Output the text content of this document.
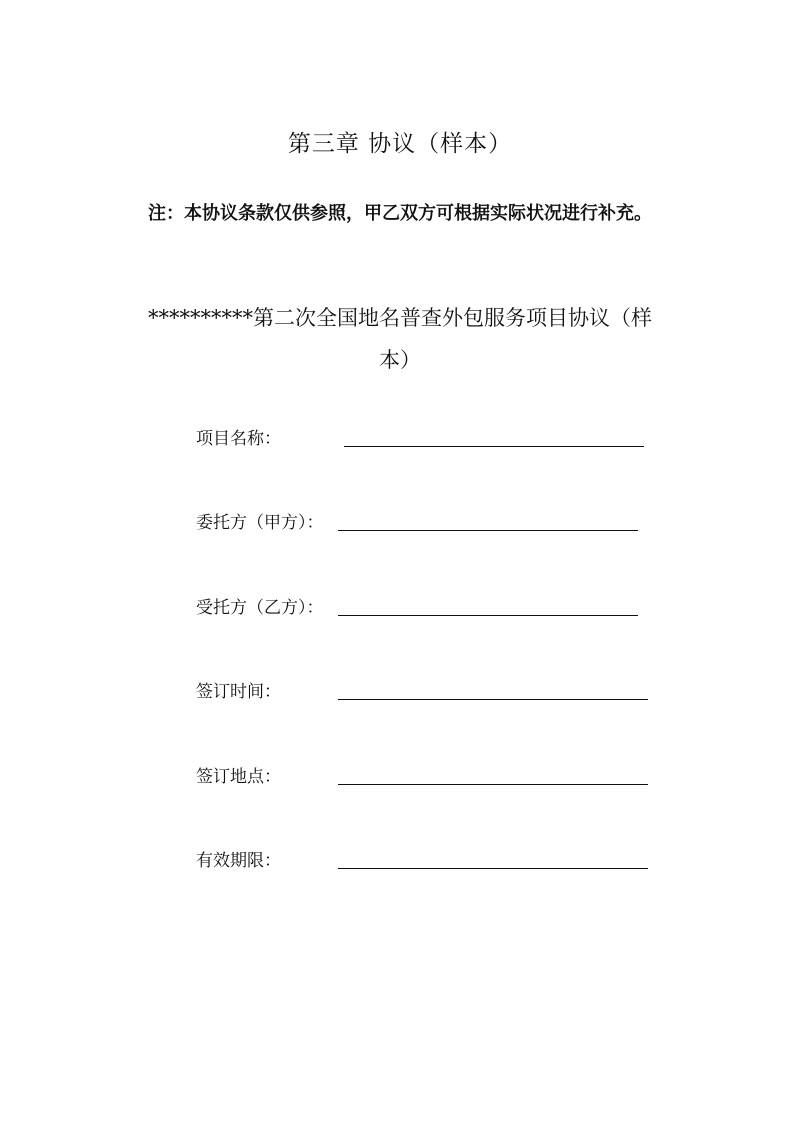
第三章 协议（样本）
注：本协议条款仅供参照，甲乙双方可根据实际状况进行补充。
**********第二次全国地名普查外包服务项目协议（样本）
项目名称：
委托方（甲方）：
受托方（乙方）：
签订时间：
签订地点：
有效期限：
